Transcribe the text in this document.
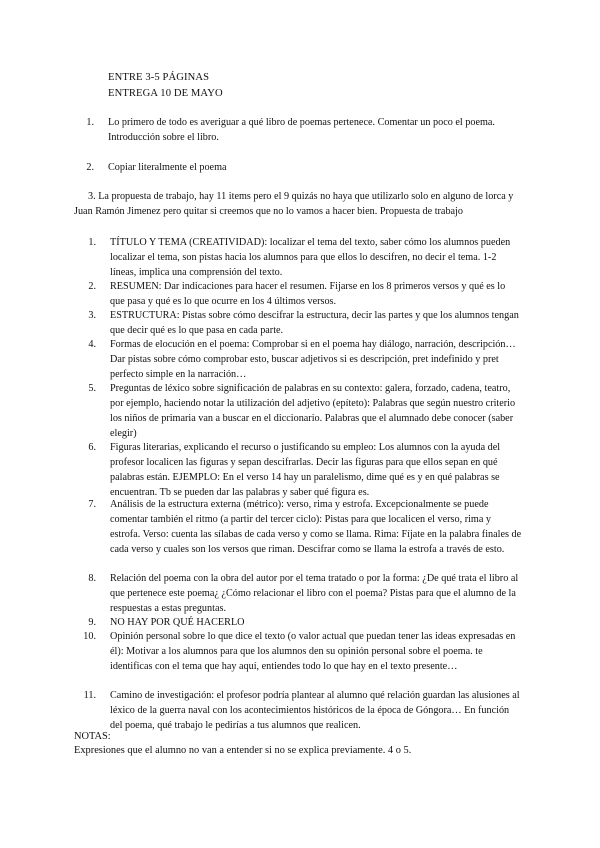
ENTRE 3-5 PÁGINAS
ENTREGA 10 DE MAYO
1. Lo primero de todo es averiguar a qué libro de poemas pertenece. Comentar un poco el poema. Introducción sobre el libro.
2. Copiar literalmente el poema
3. La propuesta de trabajo, hay 11 items pero el 9 quizás no haya que utilizarlo solo en alguno de lorca y Juan Ramón Jimenez pero quitar si creemos que no lo vamos a hacer bien. Propuesta de trabajo
1. TÍTULO Y TEMA (CREATIVIDAD): localizar el tema del texto, saber cómo los alumnos pueden localizar el tema, son pistas hacia los alumnos para que ellos lo descifren, no decir el tema. 1-2 líneas, implica una comprensión del texto.
2. RESUMEN: Dar indicaciones para hacer el resumen. Fijarse en los 8 primeros versos y qué es lo que pasa y qué es lo que ocurre en los 4 últimos versos.
3. ESTRUCTURA: Pistas sobre cómo descifrar la estructura, decir las partes y que los alumnos tengan que decir qué es lo que pasa en cada parte.
4. Formas de elocución en el poema: Comprobar si en el poema hay diálogo, narración, descripción… Dar pistas sobre cómo comprobar esto, buscar adjetivos si es descripción, pret indefinido y pret perfecto simple en la narración…
5. Preguntas de léxico sobre significación de palabras en su contexto: galera, forzado, cadena, teatro, por ejemplo, haciendo notar la utilización del adjetivo (epíteto): Palabras que según nuestro criterio los niños de primaria van a buscar en el diccionario. Palabras que el alumnado debe conocer (saber elegir)
6. Figuras literarias, explicando el recurso o justificando su empleo: Los alumnos con la ayuda del profesor localicen las figuras y sepan descifrarlas. Decir las figuras para que ellos sepan en qué palabras están. EJEMPLO: En el verso 14 hay un paralelismo, dime qué es y en qué palabras se encuentran. Tb se pueden dar las palabras y saber qué figura es.
7. Análisis de la estructura externa (métrico): verso, rima y estrofa. Excepcionalmente se puede comentar también el ritmo (a partir del tercer ciclo): Pistas para que localicen el verso, rima y estrofa. Verso: cuenta las sílabas de cada verso y como se llama. Rima: Fíjate en la palabra finales de cada verso y cuales son los versos que riman. Descifrar como se llama la estrofa a través de esto.
8. Relación del poema con la obra del autor por el tema tratado o por la forma: ¿De qué trata el libro al que pertenece este poema¿ ¿Cómo relacionar el libro con el poema? Pistas para que el alumno de la respuestas a estas preguntas.
9. NO HAY POR QUÉ HACERLO
10. Opinión personal sobre lo que dice el texto (o valor actual que puedan tener las ideas expresadas en él): Motivar a los alumnos para que los alumnos den su opinión personal sobre el poema. te identificas con el tema que hay aquí, entiendes todo lo que hay en el texto presente…
11. Camino de investigación: el profesor podría plantear al alumno qué relación guardan las alusiones al léxico de la guerra naval con los acontecimientos históricos de la época de Góngora… En función del poema, qué trabajo le pedirías a tus alumnos que realicen.
NOTAS:
Expresiones que el alumno no van a entender si no se explica previamente. 4 o 5.
